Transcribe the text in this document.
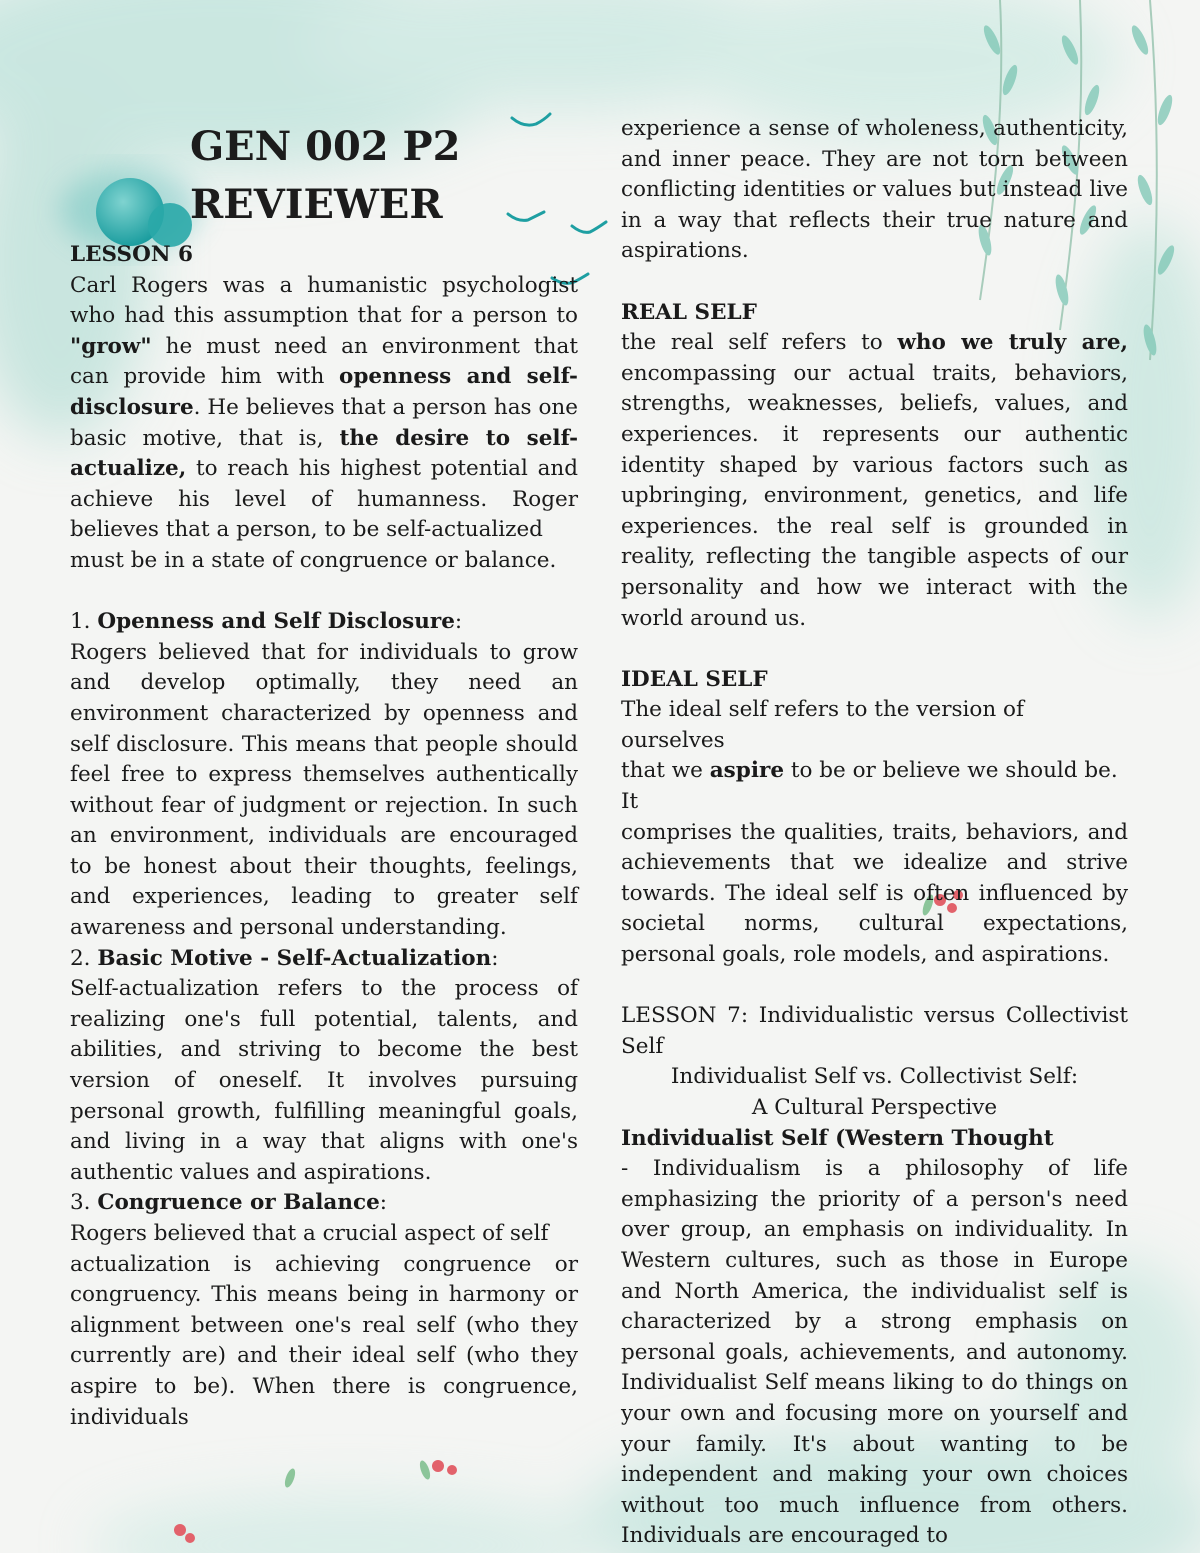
GEN 002 P2
REVIEWER

LESSON 6

Carl Rogers was a humanistic psychologist who had this assumption that for a person to "grow" he must need an environment that can provide him with openness and self-disclosure. He believes that a person has one basic motive, that is, the desire to self-actualize, to reach his highest potential and achieve his level of humanness. Roger believes that a person, to be self-actualized

must be in a state of congruence or balance.

1. Openness and Self Disclosure:

Rogers believed that for individuals to grow and develop optimally, they need an environment characterized by openness and self disclosure. This means that people should feel free to express themselves authentically without fear of judgment or rejection. In such an environment, individuals are encouraged to be honest about their thoughts, feelings, and experiences, leading to greater self awareness and personal understanding.

2. Basic Motive - Self-Actualization:

Self-actualization refers to the process of realizing one's full potential, talents, and abilities, and striving to become the best version of oneself. It involves pursuing personal growth, fulfilling meaningful goals, and living in a way that aligns with one's authentic values and aspirations.

3. Congruence or Balance:

Rogers believed that a crucial aspect of self

actualization is achieving congruence or congruency. This means being in harmony or alignment between one's real self (who they currently are) and their ideal self (who they aspire to be). When there is congruence, individuals

experience a sense of wholeness, authenticity, and inner peace. They are not torn between conflicting identities or values but instead live in a way that reflects their true nature and aspirations.

REAL SELF

the real self refers to who we truly are, encompassing our actual traits, behaviors, strengths, weaknesses, beliefs, values, and experiences. it represents our authentic identity shaped by various factors such as upbringing, environment, genetics, and life experiences. the real self is grounded in reality, reflecting the tangible aspects of our personality and how we interact with the world around us.

IDEAL SELF

The ideal self refers to the version of ourselves

that we aspire to be or believe we should be. It

comprises the qualities, traits, behaviors, and achievements that we idealize and strive towards. The ideal self is often influenced by societal norms, cultural expectations, personal goals, role models, and aspirations.

LESSON 7: Individualistic versus Collectivist Self

Individualist Self vs. Collectivist Self:

A Cultural Perspective

Individualist Self (Western Thought

- Individualism is a philosophy of life emphasizing the priority of a person's need over group, an emphasis on individuality. In Western cultures, such as those in Europe and North America, the individualist self is characterized by a strong emphasis on personal goals, achievements, and autonomy. Individualist Self means liking to do things on your own and focusing more on yourself and your family. It's about wanting to be independent and making your own choices without too much influence from others. Individuals are encouraged to
